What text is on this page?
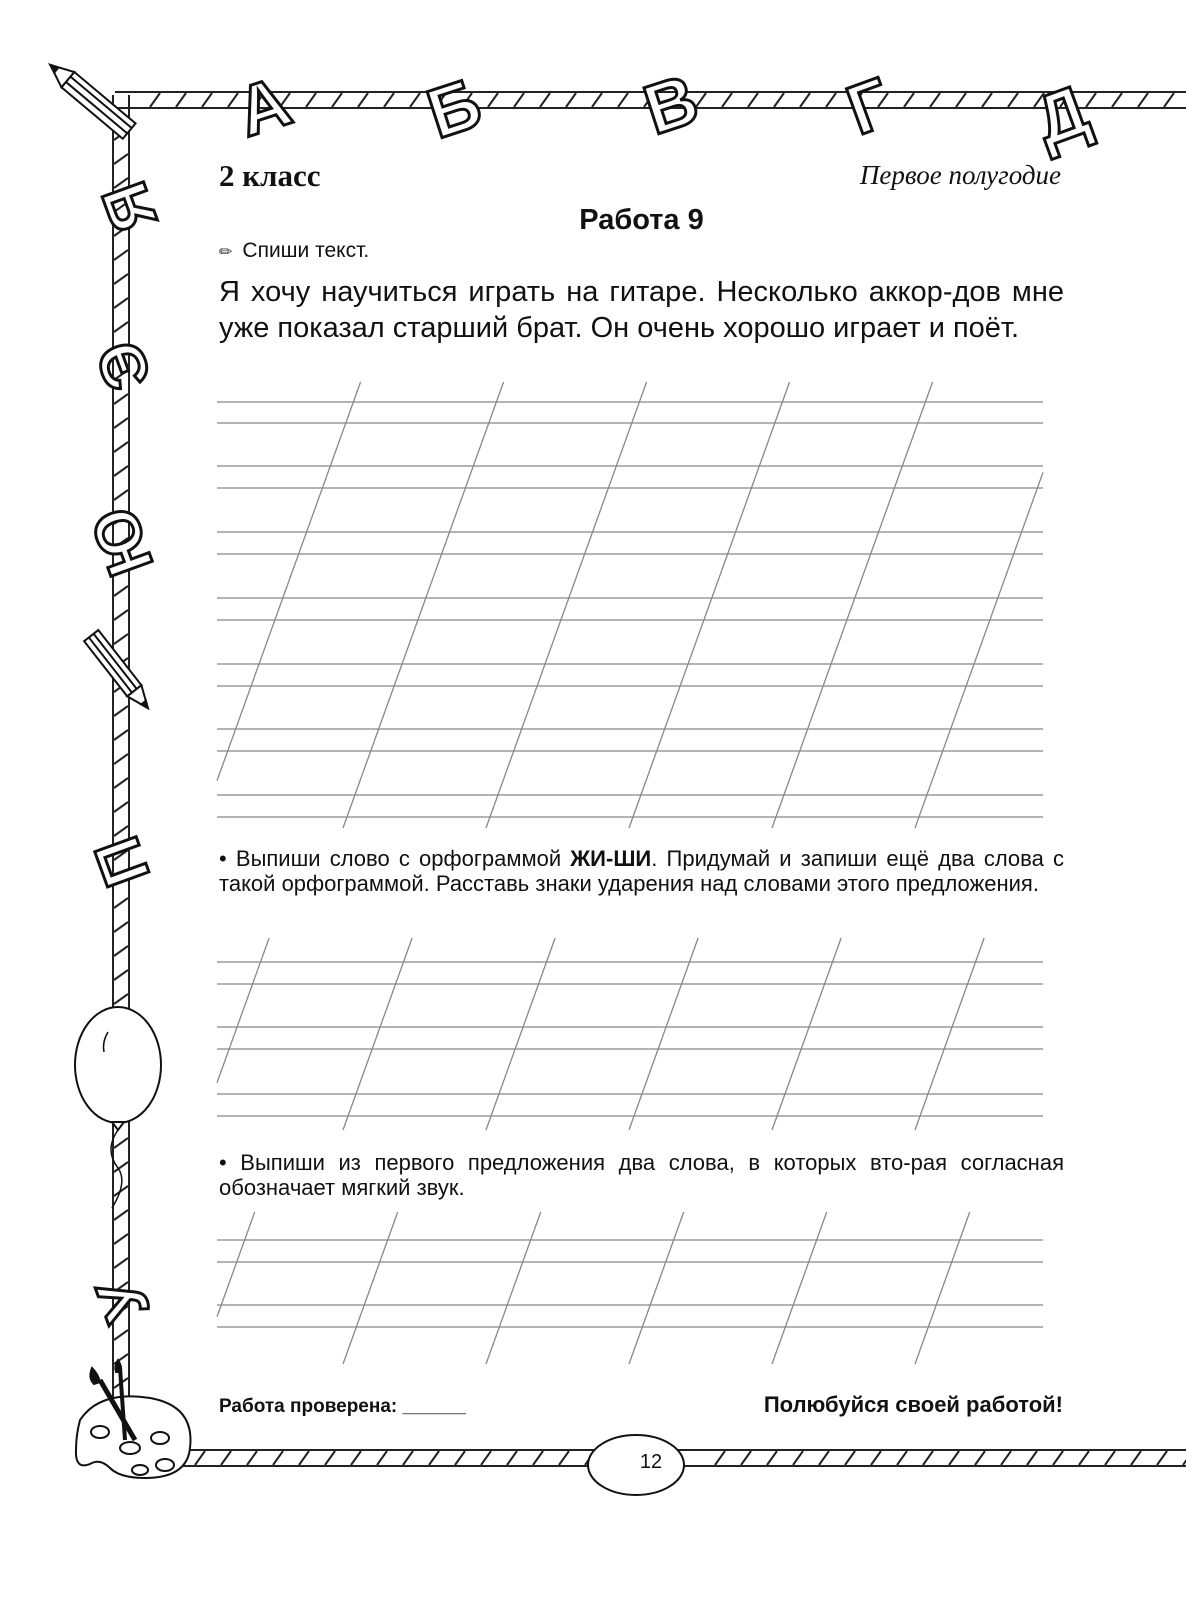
А Б В Г Д
Я
Э
Ю
П
У
2 класс	Первое полугодие
Работа 9
✏ Спиши текст.
Я хочу научиться играть на гитаре. Несколько аккор-дов мне уже показал старший брат. Он очень хорошо играет и поёт.
• Выпиши слово с орфограммой ЖИ-ШИ. Придумай и запиши ещё два слова с такой орфограммой. Расставь знаки ударения над словами этого предложения.
• Выпиши из первого предложения два слова, в которых вто-рая согласная обозначает мягкий звук.
Работа проверена: ______	Полюбуйся своей работой!
12
